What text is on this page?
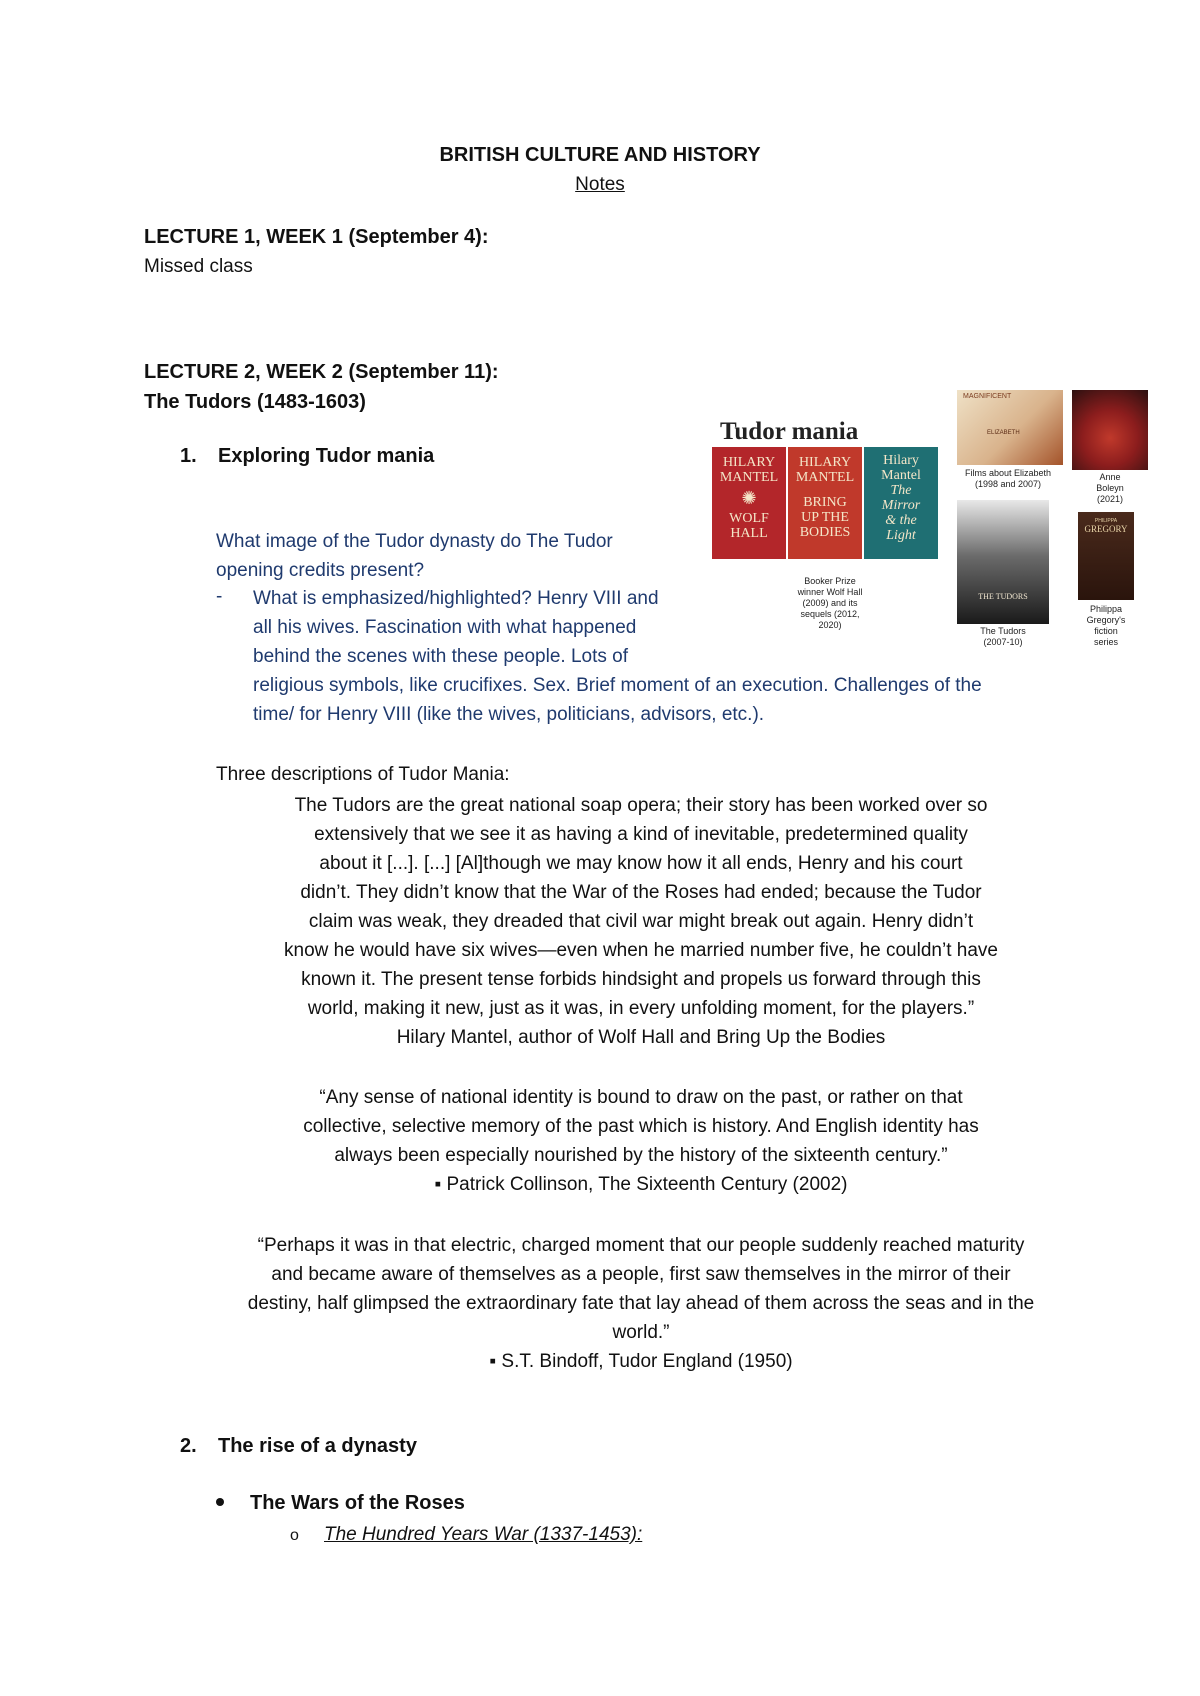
BRITISH CULTURE AND HISTORY
Notes
LECTURE 1, WEEK 1 (September 4):
Missed class
LECTURE 2, WEEK 2 (September 11):
The Tudors (1483-1603)
1. Exploring Tudor mania
What image of the Tudor dynasty do The Tudor
opening credits present?
- What is emphasized/highlighted? Henry VIII and
all his wives. Fascination with what happened
behind the scenes with these people. Lots of
religious symbols, like crucifixes. Sex. Brief moment of an execution. Challenges of the
time/ for Henry VIII (like the wives, politicians, advisors, etc.).
Three descriptions of Tudor Mania:
The Tudors are the great national soap opera; their story has been worked over so
extensively that we see it as having a kind of inevitable, predetermined quality
about it [...]. [...] [Al]though we may know how it all ends, Henry and his court
didn’t. They didn’t know that the War of the Roses had ended; because the Tudor
claim was weak, they dreaded that civil war might break out again. Henry didn’t
know he would have six wives—even when he married number five, he couldn’t have
known it. The present tense forbids hindsight and propels us forward through this
world, making it new, just as it was, in every unfolding moment, for the players.”
Hilary Mantel, author of Wolf Hall and Bring Up the Bodies
“Any sense of national identity is bound to draw on the past, or rather on that
collective, selective memory of the past which is history. And English identity has
always been especially nourished by the history of the sixteenth century.”
▪ Patrick Collinson, The Sixteenth Century (2002)
“Perhaps it was in that electric, charged moment that our people suddenly reached maturity
and became aware of themselves as a people, first saw themselves in the mirror of their
destiny, half glimpsed the extraordinary fate that lay ahead of them across the seas and in the
world.”
▪ S.T. Bindoff, Tudor England (1950)
2. The rise of a dynasty
The Wars of the Roses
o The Hundred Years War (1337-1453):
Tudor mania
HILARY
MANTEL
✺
WOLF
HALL
HILARY
MANTEL
BRING
UP THE
BODIES
Hilary
Mantel
The
Mirror
& the
Light
Booker Prize
winner Wolf Hall
(2009) and its
sequels (2012,
2020)
MAGNIFICENT
ELIZABETH
Films about Elizabeth
(1998 and 2007)
Anne
Boleyn
(2021)
THE TUDORS
The Tudors
(2007-10)
PHILIPPA
GREGORY
Philippa
Gregory's
fiction
series
